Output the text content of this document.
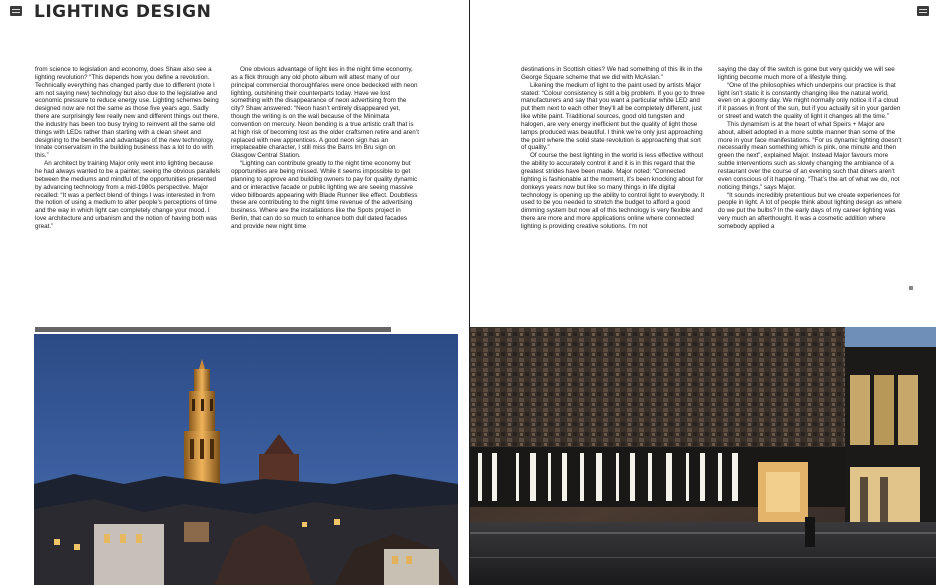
LIGHTING DESIGN

from science to legislation and economy, does Shaw also see a lighting revolution? “This depends how you define a revolution. Technically everything has changed partly due to different (note I am not saying new) technology but also due to the legislative and economic pressure to reduce energy use. Lighting schemes being designed now are not the same as those five years ago. Sadly there are surprisingly few really new and different things out there, the industry has been too busy trying to reinvent all the same old things with LEDs rather than starting with a clean sheet and designing to the benefits and advantages of the new technology. Innate conservatism in the building business has a lot to do with this.”

An architect by training Major only went into lighting because he had always wanted to be a painter, seeing the obvious parallels between the mediums and mindful of the opportunities presented by advancing technology from a mid-1980s perspective. Major recalled: “It was a perfect blend of things I was interested in from the notion of using a medium to alter people’s perceptions of time and the way in which light can completely change your mood. I love architecture and urbanism and the notion of having both was great.”

One obvious advantage of light lies in the night time economy, as a flick through any old photo album will attest many of our principal commercial thoroughfares were once bedecked with neon lighting, outshining their counterparts today. Have we lost something with the disappearance of neon advertising from the city? Shaw answered: “Neon hasn’t entirely disappeared yet, though the writing is on the wall because of the Minimata convention on mercury. Neon bending is a true artistic craft that is at high risk of becoming lost as the older craftsmen retire and aren’t replaced with new apprentices. A good neon sign has an irreplaceable character, I still miss the Barrs Irn Bru sign on Glasgow Central Station.

“Lighting can contribute greatly to the night time economy but opportunities are being missed. While it seems impossible to get planning to approve and building owners to pay for quality dynamic and or interactive facade or public lighting we are seeing massive video billboards appearing with Blade Runner like effect. Doubtless these are contributing to the night time revenue of the advertising business. Where are the installations like the Spots project in Berlin, that can do so much to enhance both dull dated facades and provide new night time

destinations in Scottish cities? We had something of this ilk in the George Square scheme that we did with McAslan.”

Likening the medium of light to the paint used by artists Major stated: “Colour consistency is still a big problem. If you go to three manufacturers and say that you want a particular white LED and put them next to each other they’ll all be completely different, just like white paint. Traditional sources, good old tungsten and halogen, are very energy inefficient but the quality of light those lamps produced was beautiful. I think we’re only just approaching the point where the solid state revolution is approaching that sort of quality.”

Of course the best lighting in the world is less effective without the ability to accurately control it and it is in this regard that the greatest strides have been made. Major noted: “Connected lighting is fashionable at the moment, it’s been knocking about for donkeys years now but like so many things in life digital technology is opening up the ability to control light to everybody. It used to be you needed to stretch the budget to afford a good dimming system but now all of this technology is very flexible and there are more and more applications online where connected lighting is providing creative solutions. I’m not

saying the day of the switch is gone but very quickly we will see lighting become much more of a lifestyle thing.

“One of the philosophies which underpins our practice is that light isn’t static it is constantly changing like the natural world, even on a gloomy day. We might normally only notice it if a cloud if it passes in front of the sun, but if you actually sit in your garden or street and watch the quality of light it changes all the time.”

This dynamism is at the heart of what Speirs + Major are about, albeit adopted in a more subtle manner than some of the more in your face manifestations. “For us dynamic lighting doesn’t necessarily mean something which is pink, one minute and then green the next”, explained Major. Instead Major favours more subtle interventions such as slowly changing the ambiance of a restaurant over the course of an evening such that diners aren’t even conscious of it happening. “That’s the art of what we do, not noticing things,” says Major.

“It sounds incredibly pretentious but we create experiences for people in light. A lot of people think about lighting design as where do we put the bulbs? In the early days of my career lighting was very much an afterthought. It was a cosmetic addition where somebody applied a
